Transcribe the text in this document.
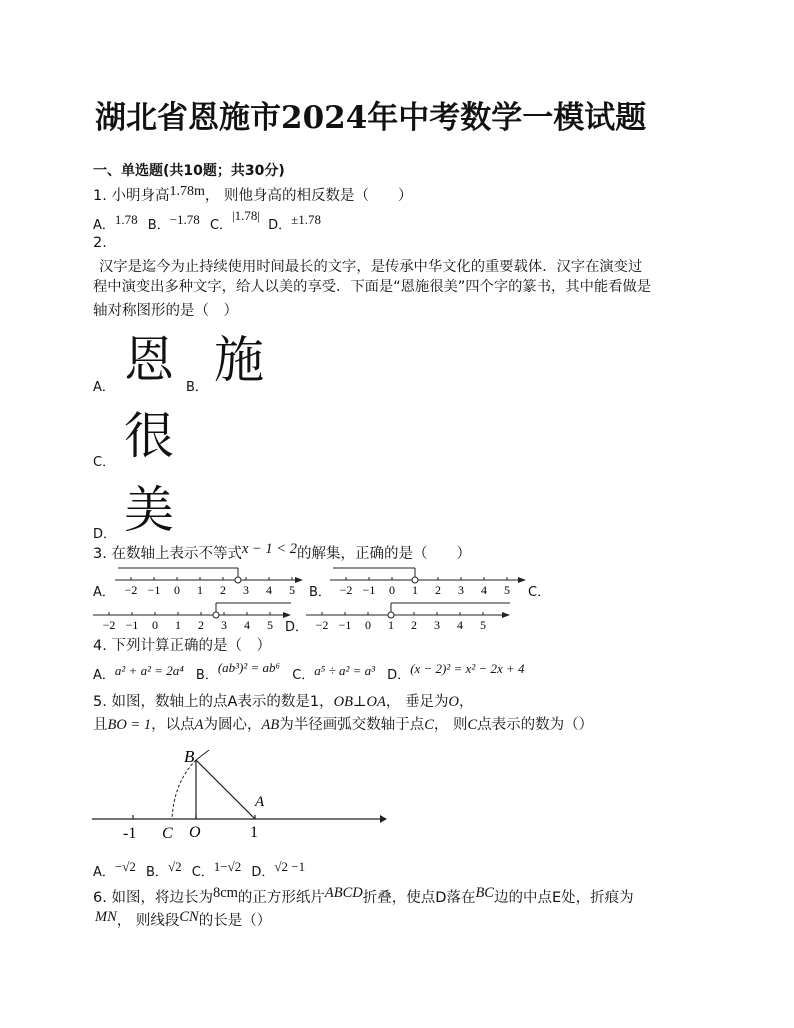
湖北省恩施市2024年中考数学一模试题
一、单选题(共10题；共30分)
1. 小明身高1.78m， 则他身高的相反数是（　　）
A．1.78 B．−1.78 C．|1.78| D．±1.78
2.
汉字是迄今为止持续使用时间最长的文字，是传承中华文化的重要载体．汉字在演变过
程中演变出多种文字，给人以美的享受．下面是“恩施很美”四个字的篆书，其中能看做是
轴对称图形的是（　）
A． 恩 B． 施
C． 很
D． 美
3. 在数轴上表示不等式x − 1 < 2的解集，正确的是（　　）
A． −2 −1 0 1 2 3 4 5 B． −2 −1 0 1 2 3 4 5 C．
−2 −1 0 1 2 3 4 5 D． −2 −1 0 1 2 3 4 5
4. 下列计算正确的是（　）
A．a² + a² = 2a⁴ B．(ab³)² = ab⁶ C．a⁵ ÷ a² = a³ D．(x − 2)² = x² − 2x + 4
5. 如图，数轴上的点A表示的数是1，OB⊥OA， 垂足为O，
且BO = 1，以点A为圆心，AB为半径画弧交数轴于点C， 则C点表示的数为（）
B
A
C O
-1	1
A．−√2 B．√2 C．1−√2 D．√2 −1
6. 如图，将边长为8cm的正方形纸片ABCD折叠，使点D落在BC边的中点E处，折痕为
MN， 则线段CN的长是（）
